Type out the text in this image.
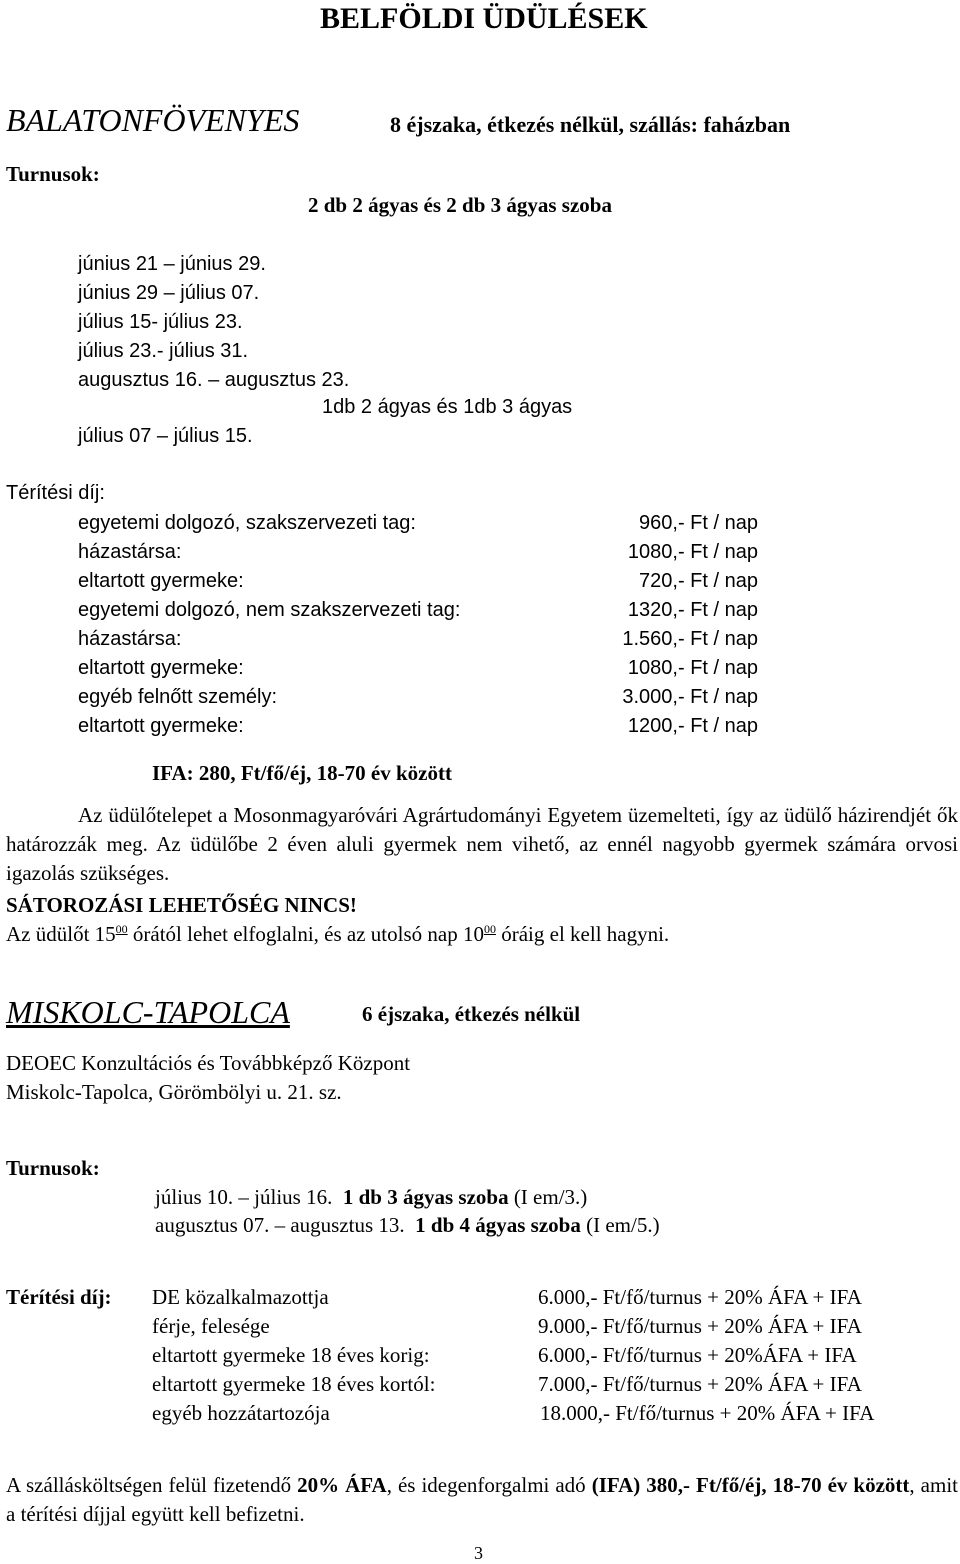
BELFÖLDI ÜDÜLÉSEK
BALATONFÖVENYES	8 éjszaka, étkezés nélkül, szállás: faházban
Turnusok:
2 db 2 ágyas és 2 db 3 ágyas szoba
június 21 – június 29.
június 29 – július 07.
július 15- július 23.
július 23.- július 31.
augusztus 16. – augusztus 23.
1db 2 ágyas és 1db 3 ágyas
július 07 – július 15.
Térítési díj:
egyetemi dolgozó, szakszervezeti tag:	960,- Ft / nap
házastársa:	1080,- Ft / nap
eltartott gyermeke:	720,- Ft / nap
egyetemi dolgozó, nem szakszervezeti tag:	1320,- Ft / nap
házastársa:	1.560,- Ft / nap
eltartott gyermeke:	1080,- Ft / nap
egyéb felnőtt személy:	3.000,- Ft / nap
eltartott gyermeke:	1200,- Ft / nap
IFA: 280, Ft/fő/éj, 18-70 év között
Az üdülőtelepet a Mosonmagyaróvári Agrártudományi Egyetem üzemelteti, így az üdülő házirendjét ők határozzák meg. Az üdülőbe 2 éven aluli gyermek nem vihető, az ennél nagyobb gyermek számára orvosi igazolás szükséges.
SÁTOROZÁSI LEHETŐSÉG NINCS!
Az üdülőt $15^{00}$ órától lehet elfoglalni, és az utolsó nap $10^{00}$ óráig el kell hagyni.
MISKOLC-TAPOLCA	6 éjszaka, étkezés nélkül
DEOEC Konzultációs és Továbbképző Központ
Miskolc-Tapolca, Görömbölyi u. 21. sz.
Turnusok:
július 10. – július 16. 1 db 3 ágyas szoba (I em/3.)
augusztus 07. – augusztus 13. 1 db 4 ágyas szoba (I em/5.)
Térítési díj: DE közalkalmazottja	6.000,- Ft/fő/turnus + 20% ÁFA + IFA
férje, felesége	9.000,- Ft/fő/turnus + 20% ÁFA + IFA
eltartott gyermeke 18 éves korig:	6.000,- Ft/fő/turnus + 20%ÁFA + IFA
eltartott gyermeke 18 éves kortól:	7.000,- Ft/fő/turnus + 20% ÁFA + IFA
egyéb hozzátartozója	18.000,- Ft/fő/turnus + 20% ÁFA + IFA
A szállásköltségen felül fizetendő 20% ÁFA, és idegenforgalmi adó (IFA) 380,- Ft/fő/éj, 18-70 év között, amit a térítési díjjal együtt kell befizetni.
3
